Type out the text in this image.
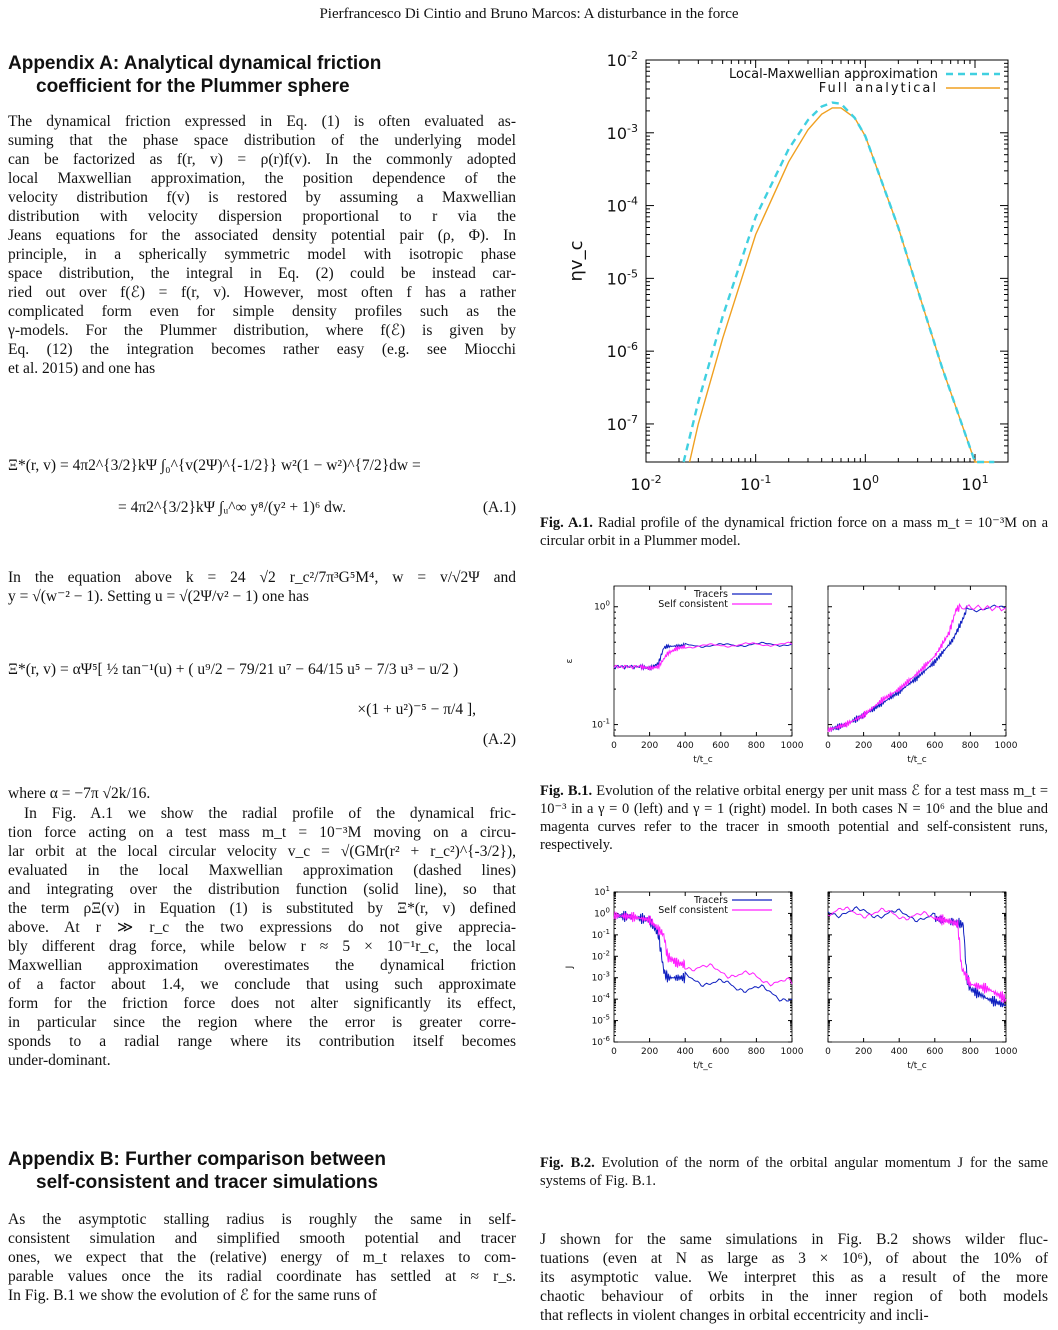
Pierfrancesco Di Cintio and Bruno Marcos: A disturbance in the force
Appendix A: Analytical dynamical friction
coefficient for the Plummer sphere
The dynamical friction expressed in Eq. (1) is often evaluated as-
suming that the phase space distribution of the underlying model
can be factorized as f(r, v) = ρ(r)f(v). In the commonly adopted
local Maxwellian approximation, the position dependence of the
velocity distribution f(v) is restored by assuming a Maxwellian
distribution with velocity dispersion proportional to r via the
Jeans equations for the associated density potential pair (ρ, Φ). In
principle, in a spherically symmetric model with isotropic phase
space distribution, the integral in Eq. (2) could be instead car-
ried out over f(ℰ) = f(r, v). However, most often f has a rather
complicated form even for simple density profiles such as the
γ-models. For the Plummer distribution, where f(ℰ) is given by
Eq. (12) the integration becomes rather easy (e.g. see Miocchi
et al. 2015) and one has
Ξ*(r, v) = 4π2^{3/2}kΨ ∫₀^{v(2Ψ)^{-1/2}} w²(1 − w²)^{7/2}dw =
= 4π2^{3/2}kΨ ∫ᵤ^∞ y⁸/(y² + 1)⁶ dw.	(A.1)
In the equation above k = 24 √2 r_c²/7π³G⁵M⁴, w = v/√2Ψ and
y = √(w⁻² − 1). Setting u = √(2Ψ/v² − 1) one has
Ξ*(r, v) = αΨ⁵[ ½ tan⁻¹(u) + ( u⁹/2 − 79/21 u⁷ − 64/15 u⁵ − 7/3 u³ − u/2 )
×(1 + u²)⁻⁵ − π/4 ],
(A.2)
where α = −7π √2k/16.
In Fig. A.1 we show the radial profile of the dynamical fric-
tion force acting on a test mass m_t = 10⁻³M moving on a circu-
lar orbit at the local circular velocity v_c = √(GMr(r² + r_c²)^{-3/2}),
evaluated in the local Maxwellian approximation (dashed lines)
and integrating over the distribution function (solid line), so that
the term ρΞ(v) in Equation (1) is substituted by Ξ*(r, v) defined
above. At r ≫ r_c the two expressions do not give apprecia-
bly different drag force, while below r ≈ 5 × 10⁻¹r_c, the local
Maxwellian approximation overestimates the dynamical friction
of a factor about 1.4, we conclude that using such approximate
form for the friction force does not alter significantly its effect,
in particular since the region where the error is greater corre-
sponds to a radial range where its contribution itself becomes
under-dominant.
Appendix B: Further comparison between
self-consistent and tracer simulations
As the asymptotic stalling radius is roughly the same in self-
consistent simulation and simplified smooth potential and tracer
ones, we expect that the (relative) energy of m_t relaxes to com-
parable values once the its radial coordinate has settled at ≈ r_s.
In Fig. B.1 we show the evolution of ℰ for the same runs of
$10^{-2}$
$10^{-3}$
$10^{-4}$
$10^{-5}$
$10^{-6}$
$10^{-7}$
$10^{-2}$	$10^{-1}$	$10^0$	$10^1$
ηv_c
Local-Maxwellian approximation
Full analytical
Fig. A.1. Radial profile of the dynamical friction force on a mass m_t = 10⁻³M on a circular orbit in a Plummer model.
0	200 400 600 800 1000
t/t_c
$10^0$
$10^{-1}$
ε
Tracers
Self consistent
0	200 400 600 800 1000
t/t_c
Fig. B.1. Evolution of the relative orbital energy per unit mass ℰ for a test mass m_t = 10⁻³ in a γ = 0 (left) and γ = 1 (right) model. In both cases N = 10⁶ and the blue and magenta curves refer to the tracer in smooth potential and self-consistent runs, respectively.
0	200 400 600 800 1000
t/t_c
$10^1$
$10^0$
$10^{-1}$
$10^{-2}$
$10^{-3}$
$10^{-4}$
$10^{-5}$
$10^{-6}$
J
Tracers
Self consistent
0	200 400 600 800 1000
t/t_c
Fig. B.2. Evolution of the norm of the orbital angular momentum J for the same systems of Fig. B.1.
J shown for the same simulations in Fig. B.2 shows wilder fluc-
tuations (even at N as large as 3 × 10⁶), of about the 10% of
its asymptotic value. We interpret this as a result of the more
chaotic behaviour of orbits in the inner region of both models
that reflects in violent changes in orbital eccentricity and incli-
